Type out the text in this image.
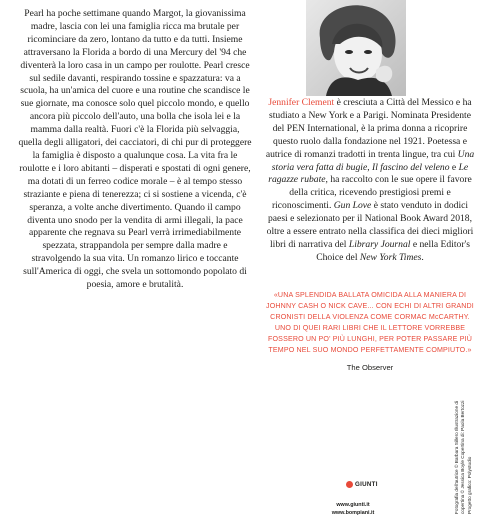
Pearl ha poche settimane quando Margot, la giovanissima madre, lascia con lei una famiglia ricca ma brutale per ricominciare da zero, lontano da tutto e da tutti. Insieme attraversano la Florida a bordo di una Mercury del '94 che diventerà la loro casa in un campo per roulotte. Pearl cresce sul sedile davanti, respirando tossine e spazzatura: va a scuola, ha un'amica del cuore e una routine che scandisce le sue giornate, ma conosce solo quel piccolo mondo, e quello ancora più piccolo dell'auto, una bolla che isola lei e la mamma dalla realtà. Fuori c'è la Florida più selvaggia, quella degli alligatori, dei cacciatori, di chi pur di proteggere la famiglia è disposto a qualunque cosa. La vita fra le roulotte e i loro abitanti – disperati e spostati di ogni genere, ma dotati di un ferreo codice morale – è al tempo stesso straziante e piena di tenerezza; ci si sostiene a vicenda, c'è speranza, a volte anche divertimento. Quando il campo diventa uno snodo per la vendita di armi illegali, la pace apparente che regnava su Pearl verrà irrimediabilmente spezzata, strappandola per sempre dalla madre e stravolgendo la sua vita. Un romanzo lirico e toccante sull'America di oggi, che svela un sottomondo popolato di poesia, amore e brutalità.

Jennifer Clement è cresciuta a Città del Messico e ha studiato a New York e a Parigi. Nominata Presidente del PEN International, è la prima donna a ricoprire questo ruolo dalla fondazione nel 1921. Poetessa e autrice di romanzi tradotti in trenta lingue, tra cui Una storia vera fatta di bugie, Il fascino del veleno e Le ragazze rubate, ha raccolto con le sue opere il favore della critica, ricevendo prestigiosi premi e riconoscimenti. Gun Love è stato venduto in dodici paesi e selezionato per il National Book Award 2018, oltre a essere entrato nella classifica dei dieci migliori libri di narrativa del Library Journal e nella Editor's Choice del New York Times.

«UNA SPLENDIDA BALLATA OMICIDA ALLA MANIERA DI JOHNNY CASH O NICK CAVE... CON ECHI DI ALTRI GRANDI CRONISTI DELLA VIOLENZA COME CORMAC McCARTHY. UNO DI QUEI RARI LIBRI CHE IL LETTORE VORREBBE FOSSERO UN PO' PIÙ LUNGHI, PER POTER PASSARE PIÙ TEMPO NEL SUO MONDO PERFETTAMENTE COMPIUTO.»

The Observer

GIUNTI
www.giunti.it
www.bompiani.it	Fotografia dell'autrice © Barbara Sillero Illustrazione di copertina © Jessica Boyle Copertina di: Paola Bertozzi Progetto grafico: Polystudio
